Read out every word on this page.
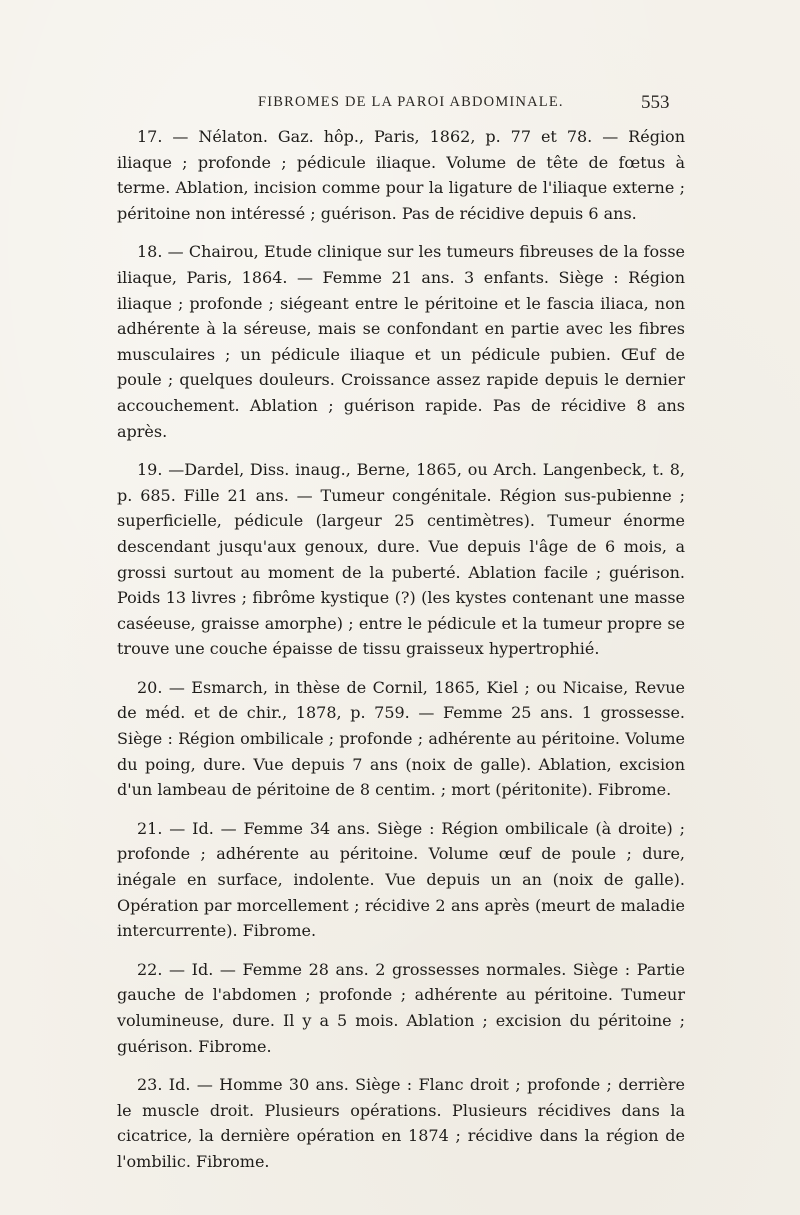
FIBROMES DE LA PAROI ABDOMINALE.	553

17. — Nélaton. Gaz. hôp., Paris, 1862, p. 77 et 78. — Région iliaque ; profonde ; pédicule iliaque. Volume de tête de fœtus à terme. Ablation, incision comme pour la ligature de l'iliaque externe ; péritoine non intéressé ; guérison. Pas de récidive depuis 6 ans.

18. — Chairou, Etude clinique sur les tumeurs fibreuses de la fosse iliaque, Paris, 1864. — Femme 21 ans. 3 enfants. Siège : Région iliaque ; profonde ; siégeant entre le péritoine et le fascia iliaca, non adhérente à la séreuse, mais se confondant en partie avec les fibres musculaires ; un pédicule iliaque et un pédicule pubien. Œuf de poule ; quelques douleurs. Croissance assez rapide depuis le dernier accouchement. Ablation ; guérison rapide. Pas de récidive 8 ans après.

19. —Dardel, Diss. inaug., Berne, 1865, ou Arch. Langenbeck, t. 8, p. 685. Fille 21 ans. — Tumeur congénitale. Région sus-pubienne ; superficielle, pédicule (largeur 25 centimètres). Tumeur énorme descendant jusqu'aux genoux, dure. Vue depuis l'âge de 6 mois, a grossi surtout au moment de la puberté. Ablation facile ; guérison. Poids 13 livres ; fibrôme kystique (?) (les kystes contenant une masse caséeuse, graisse amorphe) ; entre le pédicule et la tumeur propre se trouve une couche épaisse de tissu graisseux hypertrophié.

20. — Esmarch, in thèse de Cornil, 1865, Kiel ; ou Nicaise, Revue de méd. et de chir., 1878, p. 759. — Femme 25 ans. 1 grossesse. Siège : Région ombilicale ; profonde ; adhérente au péritoine. Volume du poing, dure. Vue depuis 7 ans (noix de galle). Ablation, excision d'un lambeau de péritoine de 8 centim. ; mort (péritonite). Fibrome.

21. — Id. — Femme 34 ans. Siège : Région ombilicale (à droite) ; profonde ; adhérente au péritoine. Volume œuf de poule ; dure, inégale en surface, indolente. Vue depuis un an (noix de galle). Opération par morcellement ; récidive 2 ans après (meurt de maladie intercurrente). Fibrome.

22. — Id. — Femme 28 ans. 2 grossesses normales. Siège : Partie gauche de l'abdomen ; profonde ; adhérente au péritoine. Tumeur volumineuse, dure. Il y a 5 mois. Ablation ; excision du péritoine ; guérison. Fibrome.

23. Id. — Homme 30 ans. Siège : Flanc droit ; profonde ; derrière le muscle droit. Plusieurs opérations. Plusieurs récidives dans la cicatrice, la dernière opération en 1874 ; récidive dans la région de l'ombilic. Fibrome.
